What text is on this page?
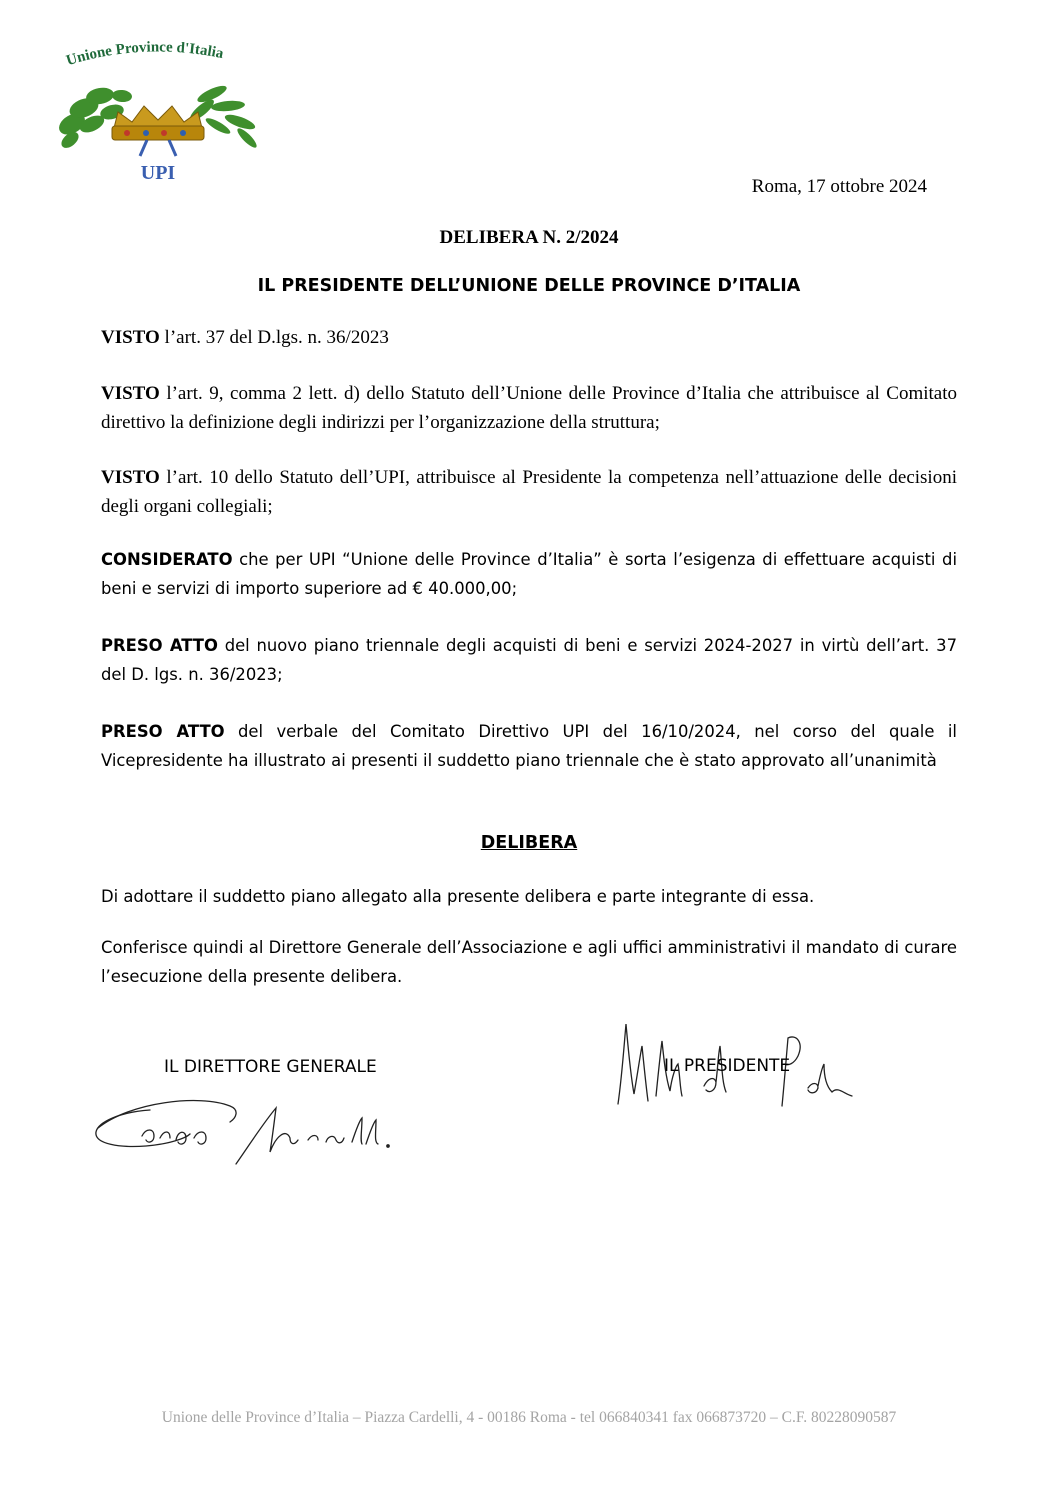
Unione Province d'Italia
UPI
Roma, 17 ottobre 2024
DELIBERA N. 2/2024
IL PRESIDENTE DELL’UNIONE DELLE PROVINCE D’ITALIA
VISTO l’art. 37 del D.lgs. n. 36/2023
VISTO l’art. 9, comma 2 lett. d) dello Statuto dell’Unione delle Province d’Italia che attribuisce al Comitato direttivo la definizione degli indirizzi per l’organizzazione della struttura;
VISTO l’art. 10 dello Statuto dell’UPI, attribuisce al Presidente la competenza nell’attuazione delle decisioni degli organi collegiali;
CONSIDERATO che per UPI “Unione delle Province d’Italia” è sorta l’esigenza di effettuare acquisti di beni e servizi di importo superiore ad € 40.000,00;
PRESO ATTO del nuovo piano triennale degli acquisti di beni e servizi 2024-2027 in virtù dell’art. 37 del D. lgs. n. 36/2023;
PRESO ATTO del verbale del Comitato Direttivo UPI del 16/10/2024, nel corso del quale il Vicepresidente ha illustrato ai presenti il suddetto piano triennale che è stato approvato all’unanimità
DELIBERA
Di adottare il suddetto piano allegato alla presente delibera e parte integrante di essa.
Conferisce quindi al Direttore Generale dell’Associazione e agli uffici amministrativi il mandato di curare l’esecuzione della presente delibera.
IL DIRETTORE GENERALE	IL PRESIDENTE
Unione delle Province d’Italia – Piazza Cardelli, 4 - 00186 Roma - tel 066840341 fax 066873720 – C.F. 80228090587
